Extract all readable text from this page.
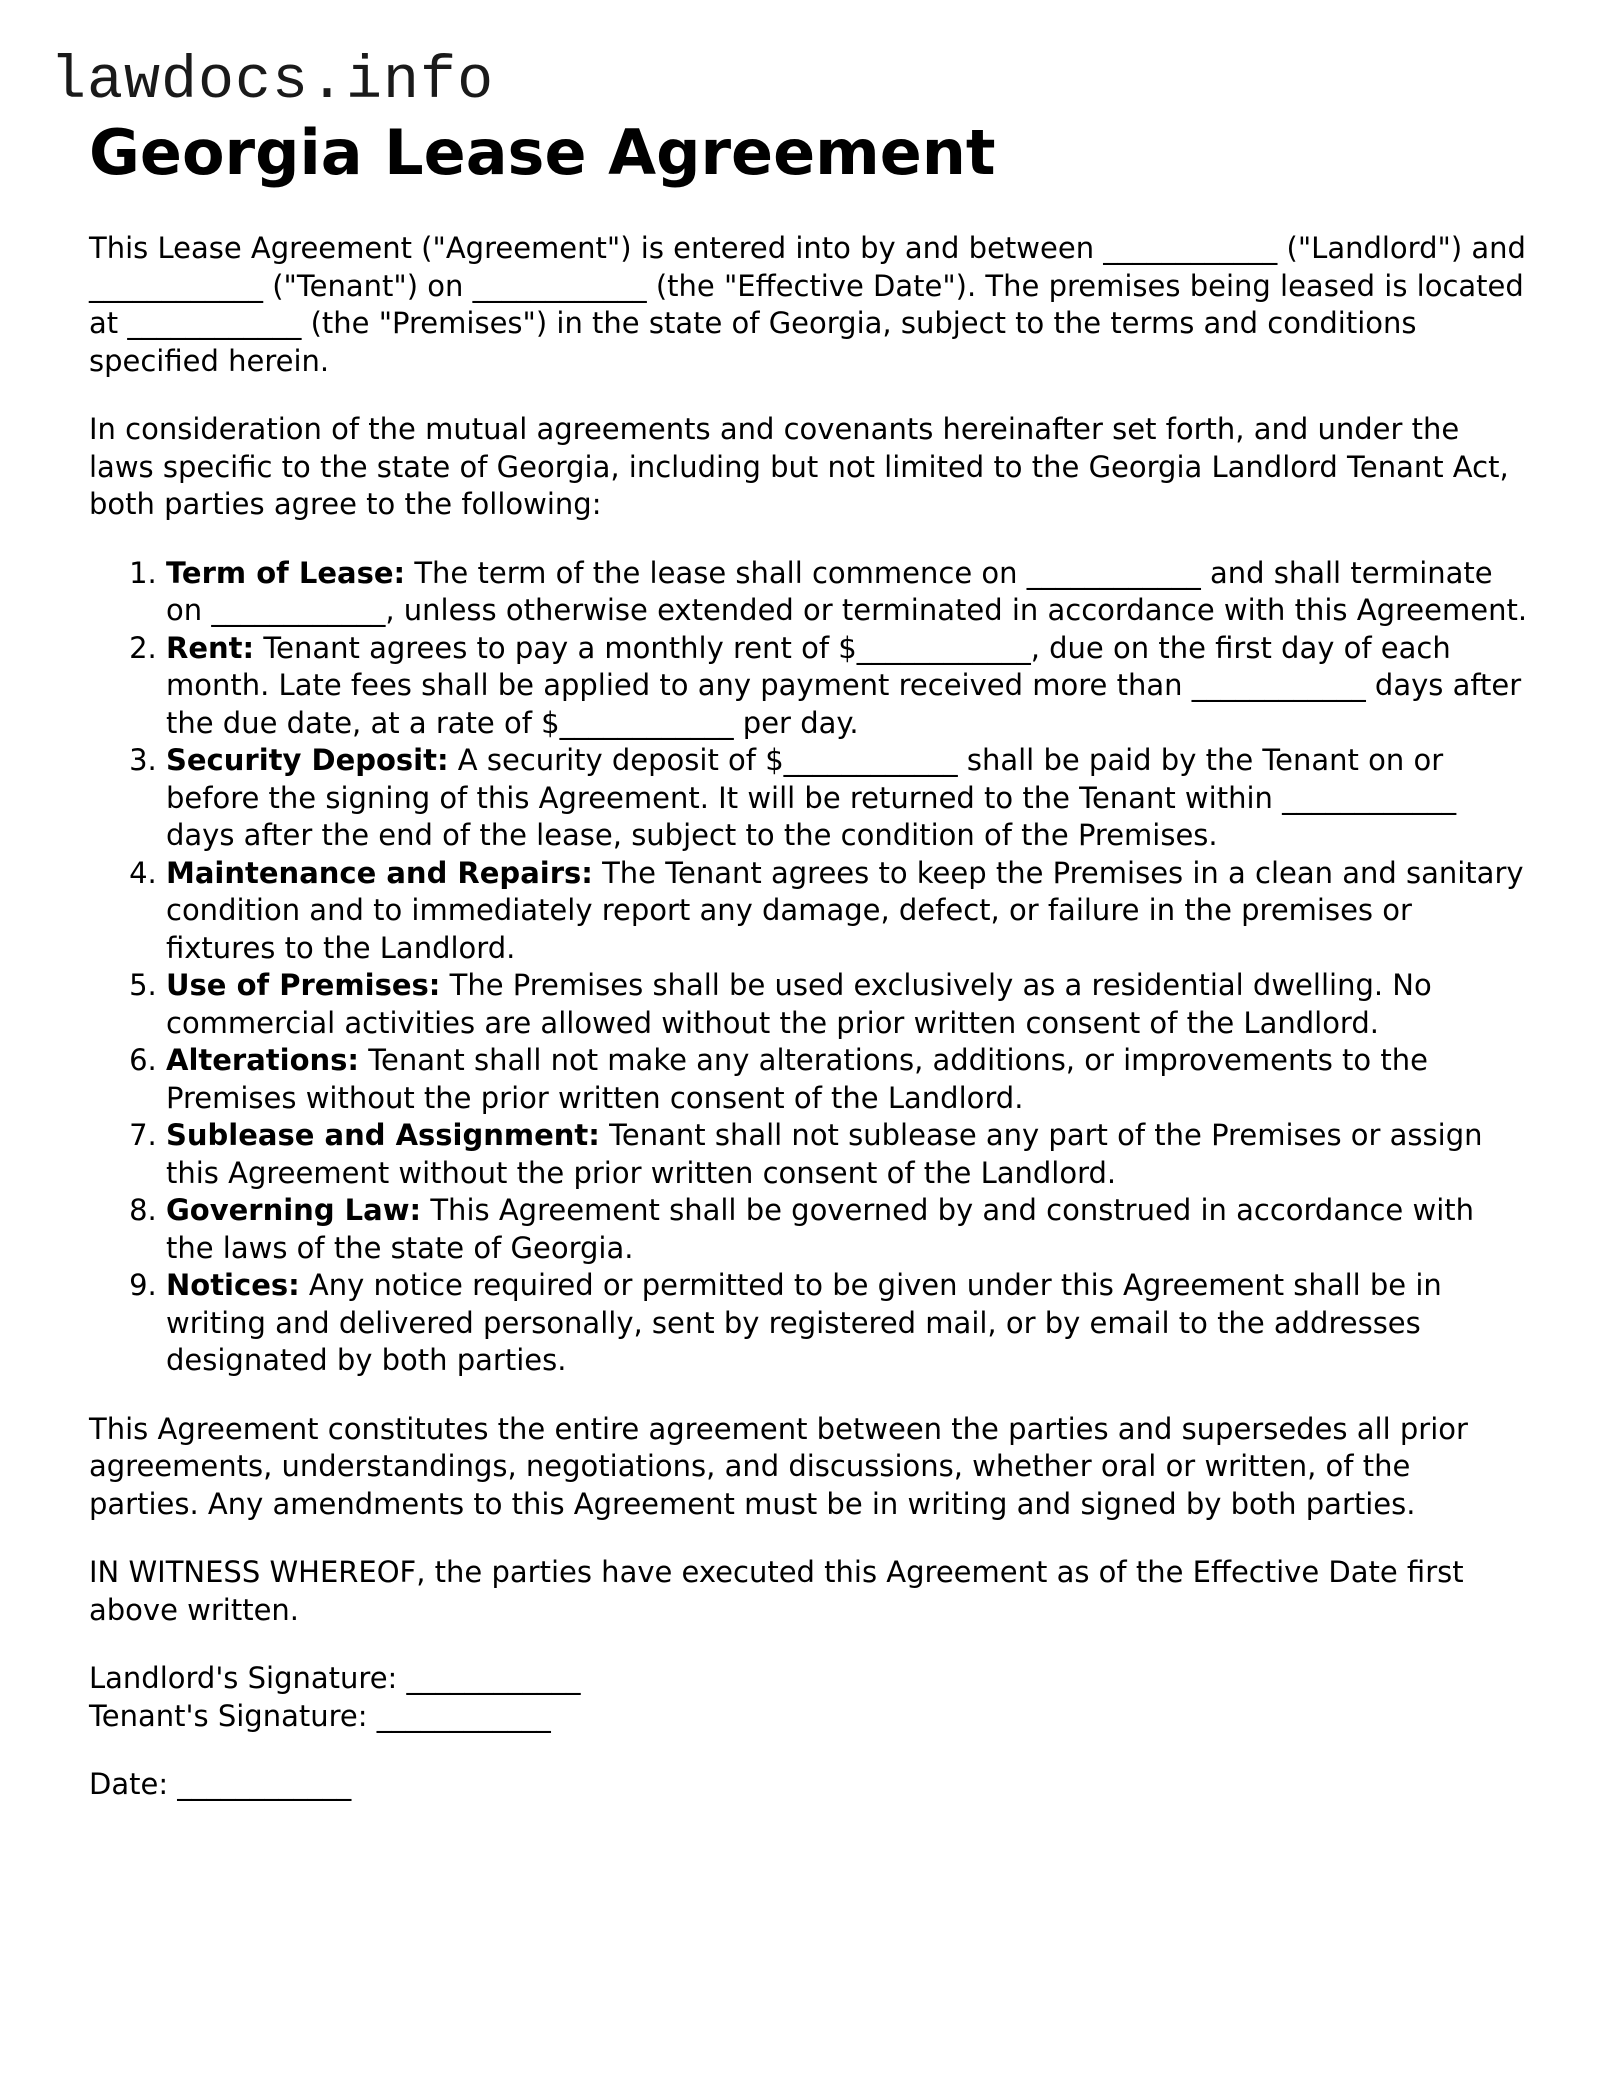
lawdocs.info
Georgia Lease Agreement

This Lease Agreement ("Agreement") is entered into by and between ____________ ("Landlord") and ____________ ("Tenant") on ____________ (the "Effective Date"). The premises being leased is located at ____________ (the "Premises") in the state of Georgia, subject to the terms and conditions specified herein.

In consideration of the mutual agreements and covenants hereinafter set forth, and under the laws specific to the state of Georgia, including but not limited to the Georgia Landlord Tenant Act, both parties agree to the following:

1. Term of Lease: The term of the lease shall commence on ____________ and shall terminate on ____________, unless otherwise extended or terminated in accordance with this Agreement.
2. Rent: Tenant agrees to pay a monthly rent of $____________, due on the first day of each month. Late fees shall be applied to any payment received more than ____________ days after the due date, at a rate of $____________ per day.
3. Security Deposit: A security deposit of $____________ shall be paid by the Tenant on or before the signing of this Agreement. It will be returned to the Tenant within ____________ days after the end of the lease, subject to the condition of the Premises.
4. Maintenance and Repairs: The Tenant agrees to keep the Premises in a clean and sanitary condition and to immediately report any damage, defect, or failure in the premises or fixtures to the Landlord.
5. Use of Premises: The Premises shall be used exclusively as a residential dwelling. No commercial activities are allowed without the prior written consent of the Landlord.
6. Alterations: Tenant shall not make any alterations, additions, or improvements to the Premises without the prior written consent of the Landlord.
7. Sublease and Assignment: Tenant shall not sublease any part of the Premises or assign this Agreement without the prior written consent of the Landlord.
8. Governing Law: This Agreement shall be governed by and construed in accordance with the laws of the state of Georgia.
9. Notices: Any notice required or permitted to be given under this Agreement shall be in writing and delivered personally, sent by registered mail, or by email to the addresses designated by both parties.

This Agreement constitutes the entire agreement between the parties and supersedes all prior agreements, understandings, negotiations, and discussions, whether oral or written, of the parties. Any amendments to this Agreement must be in writing and signed by both parties.

IN WITNESS WHEREOF, the parties have executed this Agreement as of the Effective Date first above written.

Landlord's Signature: ____________
Tenant's Signature: ____________
Date: ____________
